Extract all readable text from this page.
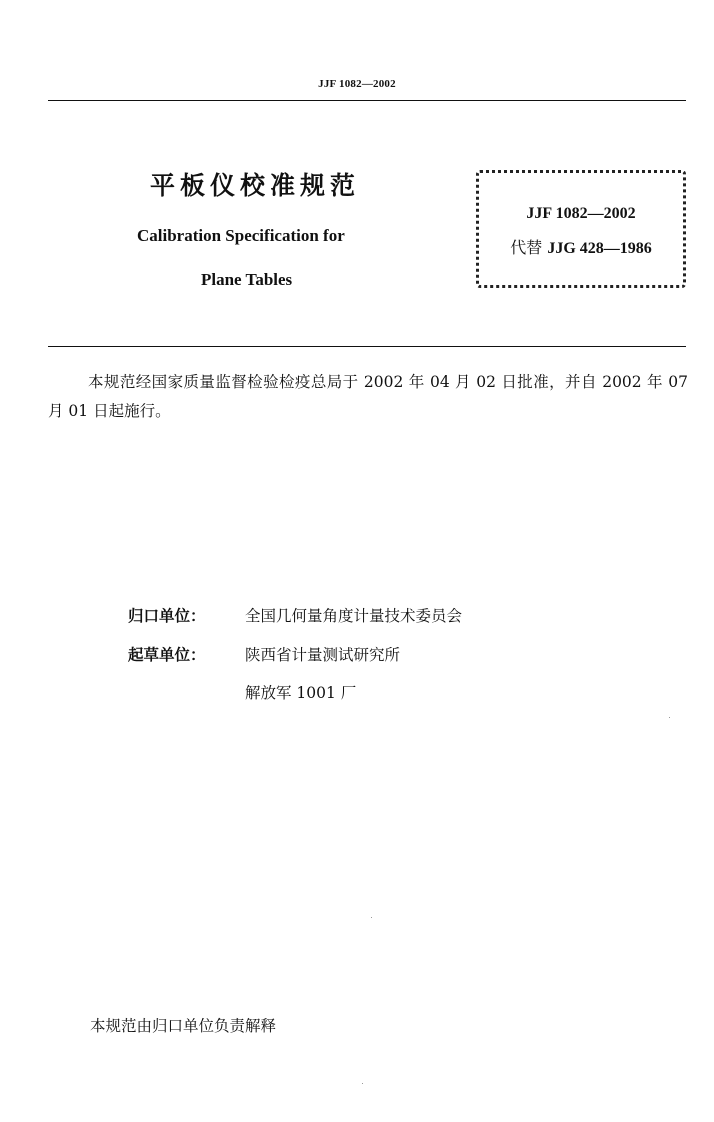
JJF 1082—2002
平板仪校准规范
Calibration Specification for
Plane Tables
JJF 1082—2002
代替 JJG 428—1986
本规范经国家质量监督检验检疫总局于 2002 年 04 月 02 日批准，并自 2002 年 07 月 01 日起施行。
归口单位：	全国几何量角度计量技术委员会
起草单位：	陕西省计量测试研究所
解放军 1001 厂
本规范由归口单位负责解释
